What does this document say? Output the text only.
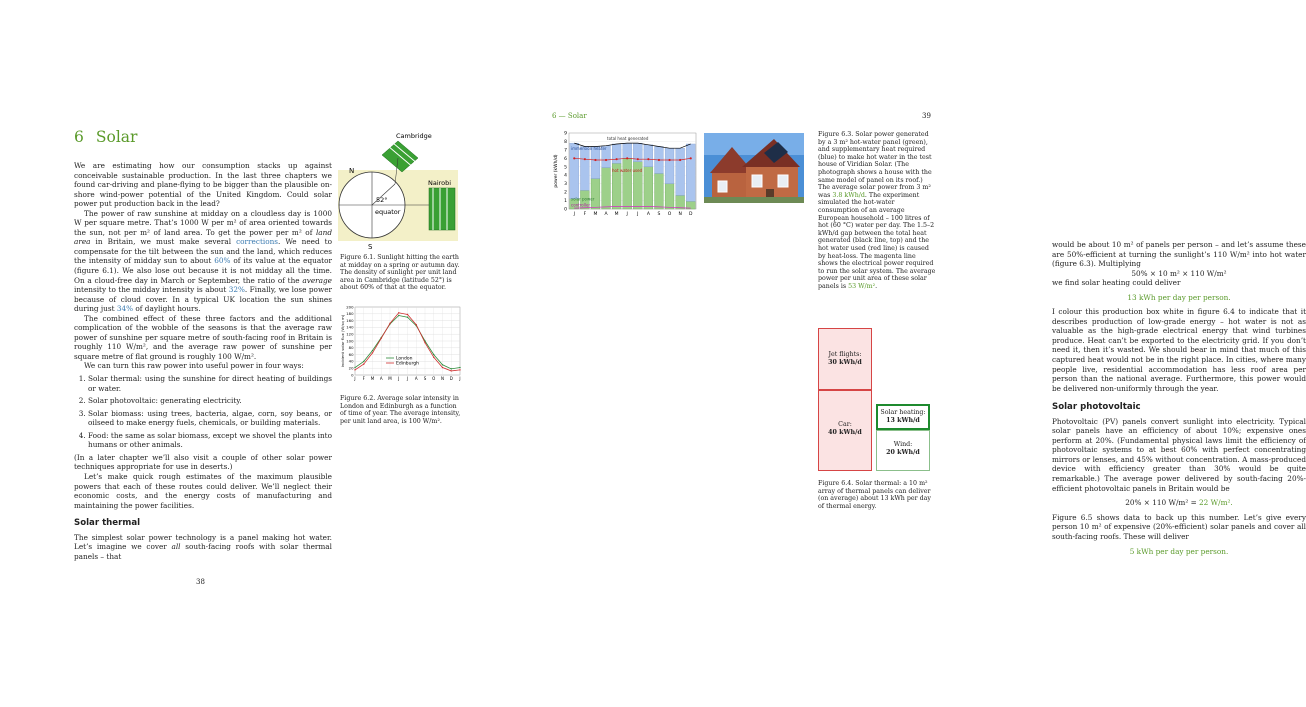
6 Solar

We are estimating how our consumption stacks up against conceivable sustainable production. In the last three chapters we found car-driving and plane-flying to be bigger than the plausible on-shore wind-power potential of the United Kingdom. Could solar power put production back in the lead?

The power of raw sunshine at midday on a cloudless day is 1000 W per square metre. That’s 1000 W per m² of area oriented towards the sun, not per m² of land area. To get the power per m² of land area in Britain, we must make several corrections. We need to compensate for the tilt between the sun and the land, which reduces the intensity of midday sun to about 60% of its value at the equator (figure 6.1). We also lose out because it is not midday all the time. On a cloud-free day in March or September, the ratio of the average intensity to the midday intensity is about 32%. Finally, we lose power because of cloud cover. In a typical UK location the sun shines during just 34% of daylight hours.

The combined effect of these three factors and the additional complication of the wobble of the seasons is that the average raw power of sunshine per square metre of south-facing roof in Britain is roughly 110 W/m², and the average raw power of sunshine per square metre of flat ground is roughly 100 W/m².

We can turn this raw power into useful power in four ways:

1. Solar thermal: using the sunshine for direct heating of buildings or water.
2. Solar photovoltaic: generating electricity.
3. Solar biomass: using trees, bacteria, algae, corn, soy beans, or oilseed to make energy fuels, chemicals, or building materials.
4. Food: the same as solar biomass, except we shovel the plants into humans or other animals.

(In a later chapter we’ll also visit a couple of other solar power techniques appropriate for use in deserts.)

Let’s make quick rough estimates of the maximum plausible powers that each of these routes could deliver. We’ll neglect their economic costs, and the energy costs of manufacturing and maintaining the power facilities.

Solar thermal

The simplest solar power technology is a panel making hot water. Let’s imagine we cover all south-facing roofs with solar thermal panels – that

38
N
S
52°
equator
Cambridge
Nairobi

Figure 6.1. Sunlight hitting the earth at midday on a spring or autumn day. The density of sunlight per unit land area in Cambridge (latitude 52°) is about 60% of that at the equator.

incident solar flux (W/sq m)
0
20
40
60
80
100
120
140
160
180
200
J F M A M J J A S O N D J
London
Edinburgh

Figure 6.2. Average solar intensity in London and Edinburgh as a function of time of year. The average intensity, per unit land area, is 100 W/m².

6 — Solar	39
power (kWh/d)
0
1
2
3
4
5
6
7
8
9
J F M A M J J A S O N D
total heat generated
immersion heater
hot water used
solar power
controller

Figure 6.3. Solar power generated by a 3 m² hot-water panel (green), and supplementary heat required (blue) to make hot water in the test house of Viridian Solar. (The photograph shows a house with the same model of panel on its roof.) The average solar power from 3 m² was 3.8 kWh/d. The experiment simulated the hot-water consumption of an average European household – 100 litres of hot (60 °C) water per day. The 1.5–2 kWh/d gap between the total heat generated (black line, top) and the hot water used (red line) is caused by heat-loss. The magenta line shows the electrical power required to run the solar system. The average power per unit area of these solar panels is 53 W/m².

would be about 10 m² of panels per person – and let’s assume these are 50%-efficient at turning the sunlight’s 110 W/m² into hot water (figure 6.3). Multiplying

50% × 10 m² × 110 W/m²

we find solar heating could deliver

13 kWh per day per person.

I colour this production box white in figure 6.4 to indicate that it describes production of low-grade energy – hot water is not as valuable as the high-grade electrical energy that wind turbines produce. Heat can’t be exported to the electricity grid. If you don’t need it, then it’s wasted. We should bear in mind that much of this captured heat would not be in the right place. In cities, where many people live, residential accommodation has less roof area per person than the national average. Furthermore, this power would be delivered non-uniformly through the year.

Solar photovoltaic

Photovoltaic (PV) panels convert sunlight into electricity. Typical solar panels have an efficiency of about 10%; expensive ones perform at 20%. (Fundamental physical laws limit the efficiency of photovoltaic systems to at best 60% with perfect concentrating mirrors or lenses, and 45% without concentration. A mass-produced device with efficiency greater than 30% would be quite remarkable.) The average power delivered by south-facing 20%-efficient photovoltaic panels in Britain would be

20% × 110 W/m² = 22 W/m².

Figure 6.5 shows data to back up this number. Let’s give every person 10 m² of expensive (20%-efficient) solar panels and cover all south-facing roofs. These will deliver

5 kWh per day per person.

Jet flights:
30 kWh/d
Car:
40 kWh/d
Solar heating:
13 kWh/d
Wind:
20 kWh/d

Figure 6.4. Solar thermal: a 10 m² array of thermal panels can deliver (on average) about 13 kWh per day of thermal energy.
